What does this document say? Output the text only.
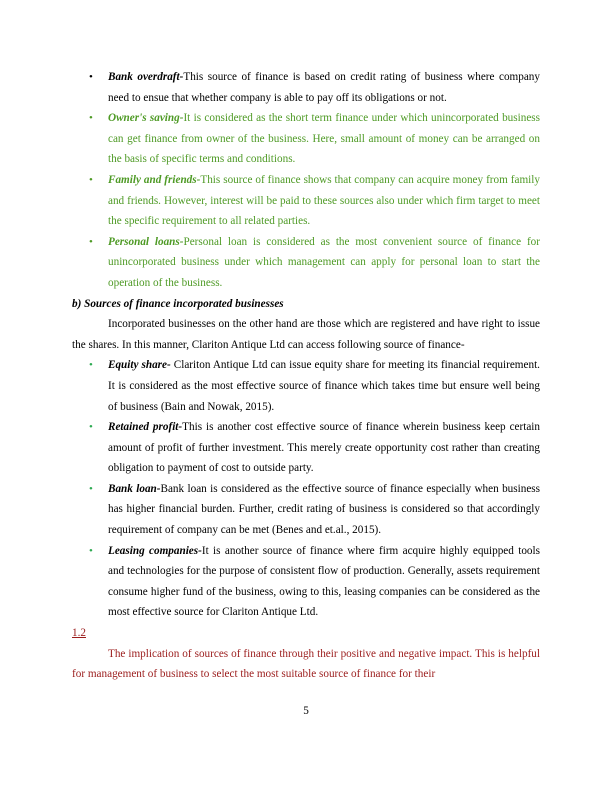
• Bank overdraft-This source of finance is based on credit rating of business where company need to ensue that whether company is able to pay off its obligations or not.
• Owner's saving-It is considered as the short term finance under which unincorporated business can get finance from owner of the business. Here, small amount of money can be arranged on the basis of specific terms and conditions.
• Family and friends-This source of finance shows that company can acquire money from family and friends. However, interest will be paid to these sources also under which firm target to meet the specific requirement to all related parties.
• Personal loans-Personal loan is considered as the most convenient source of finance for unincorporated business under which management can apply for personal loan to start the operation of the business.

b) Sources of finance incorporated businesses

Incorporated businesses on the other hand are those which are registered and have right to issue the shares. In this manner, Clariton Antique Ltd can access following source of finance-

• Equity share- Clariton Antique Ltd can issue equity share for meeting its financial requirement. It is considered as the most effective source of finance which takes time but ensure well being of business (Bain and Nowak, 2015).
• Retained profit-This is another cost effective source of finance wherein business keep certain amount of profit of further investment. This merely create opportunity cost rather than creating obligation to payment of cost to outside party.
• Bank loan-Bank loan is considered as the effective source of finance especially when business has higher financial burden. Further, credit rating of business is considered so that accordingly requirement of company can be met (Benes and et.al., 2015).
• Leasing companies-It is another source of finance where firm acquire highly equipped tools and technologies for the purpose of consistent flow of production. Generally, assets requirement consume higher fund of the business, owing to this, leasing companies can be considered as the most effective source for Clariton Antique Ltd.

1.2

The implication of sources of finance through their positive and negative impact. This is helpful for management of business to select the most suitable source of finance for their

5
